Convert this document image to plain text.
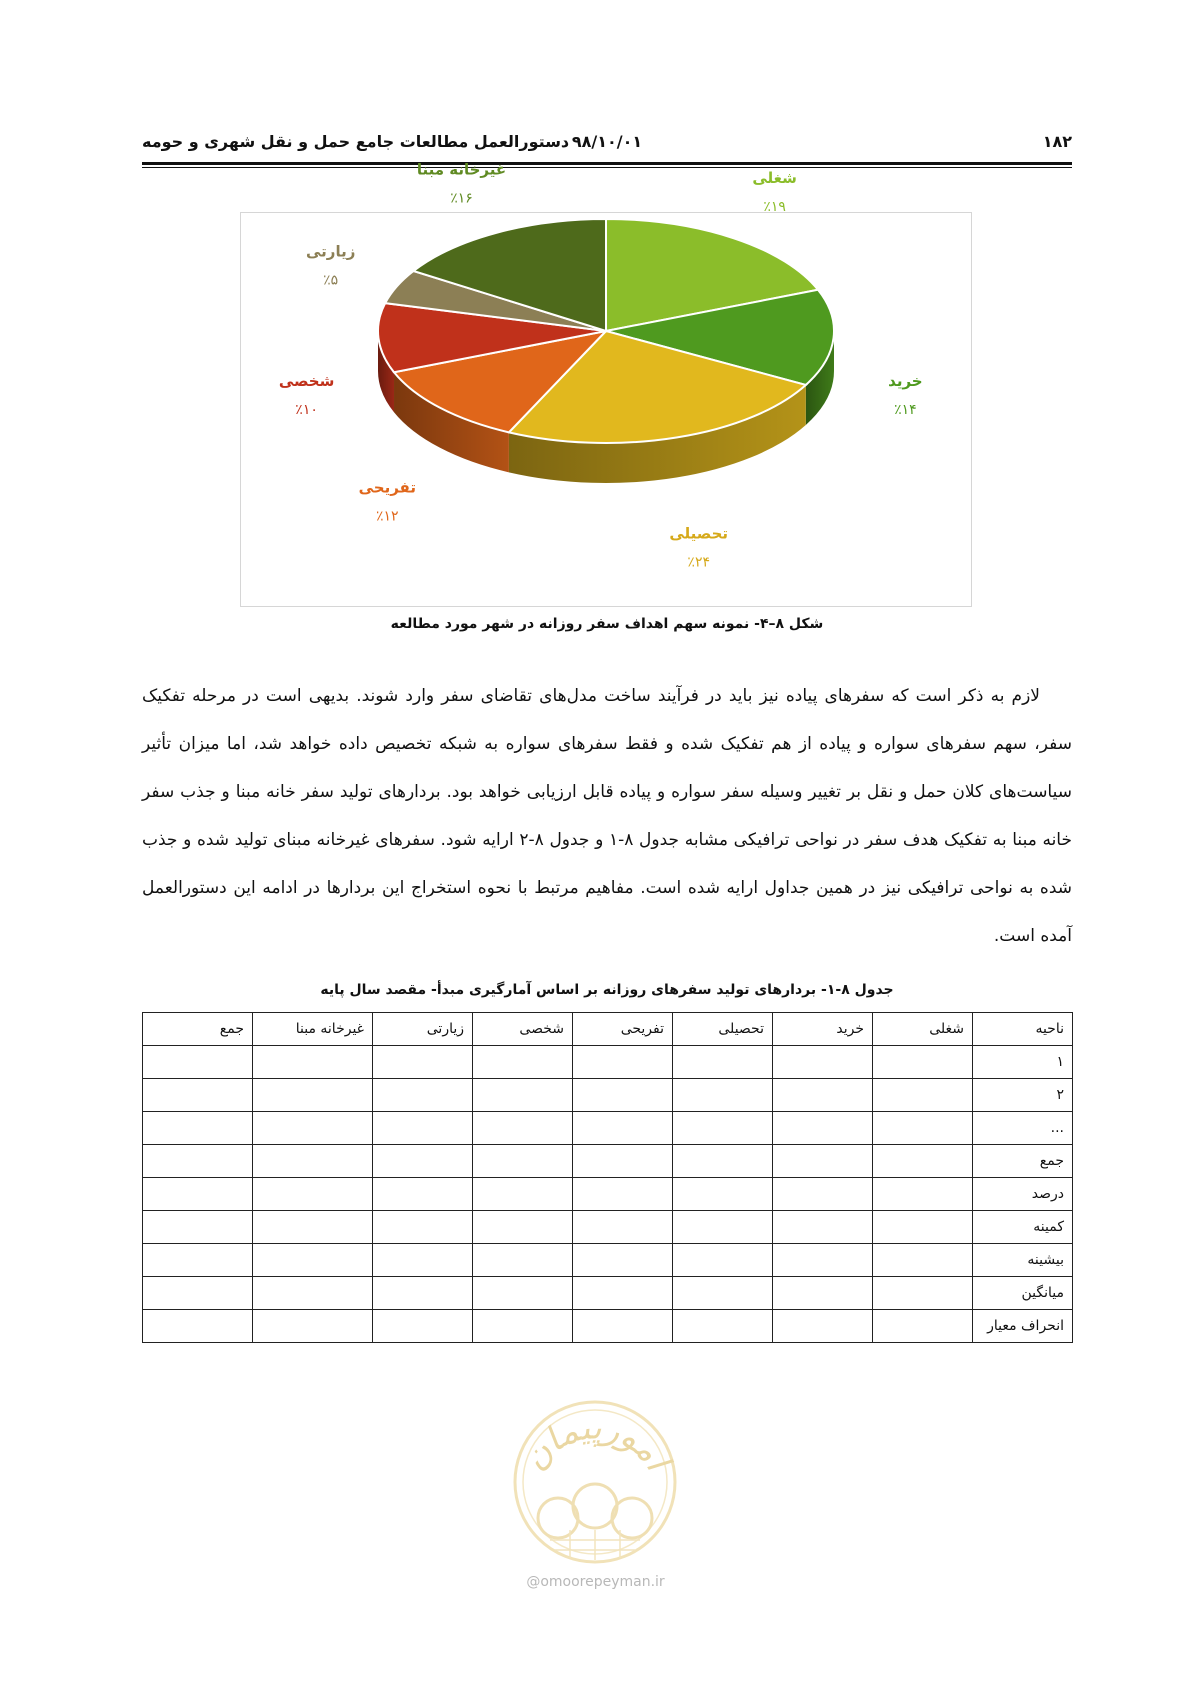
۱۸۲
۹۸/۱۰/۰۱
دستورالعمل مطالعات جامع حمل و نقل شهری و حومه
شغلی
٪۱۹
خرید
٪۱۴
تحصیلی
٪۲۴
تفریحی
٪۱۲
شخصی
٪۱۰
زیارتی
٪۵
غیرخانه مبنا
٪۱۶
شکل ۸–۴- نمونه سهم اهداف سفر روزانه در شهر مورد مطالعه

لازم به ذکر است که سفرهای پیاده نیز باید در فرآیند ساخت مدل‌های تقاضای سفر وارد شوند. بدیهی است در مرحله تفکیک سفر، سهم سفرهای سواره و پیاده از هم تفکیک شده و فقط سفرهای سواره به شبکه تخصیص داده خواهد شد، اما میزان تأثیر سیاست‌های کلان حمل و نقل بر تغییر وسیله سفر سواره و پیاده قابل ارزیابی خواهد بود. بردارهای تولید سفر خانه مبنا و جذب سفر خانه مبنا به تفکیک هدف سفر در نواحی ترافیکی مشابه جدول ۸-۱ و جدول ۸-۲ ارایه شود. سفرهای غیرخانه مبنای تولید شده و جذب شده به نواحی ترافیکی نیز در همین جداول ارایه شده است. مفاهیم مرتبط با نحوه استخراج این بردارها در ادامه این دستورالعمل آمده است.

جدول ۸-۱- بردارهای تولید سفرهای روزانه بر اساس آمارگیری مبدأ- مقصد سال پایه
ناحیه	شغلی	خرید	تحصیلی	تفریحی	شخصی	زیارتی	غیرخانه مبنا	جمع
۱								
۲								
...								
جمع								
درصد								
کمینه								
بیشینه								
میانگین								
انحراف معیار								
امورپیمان
@omoorepeyman.ir
